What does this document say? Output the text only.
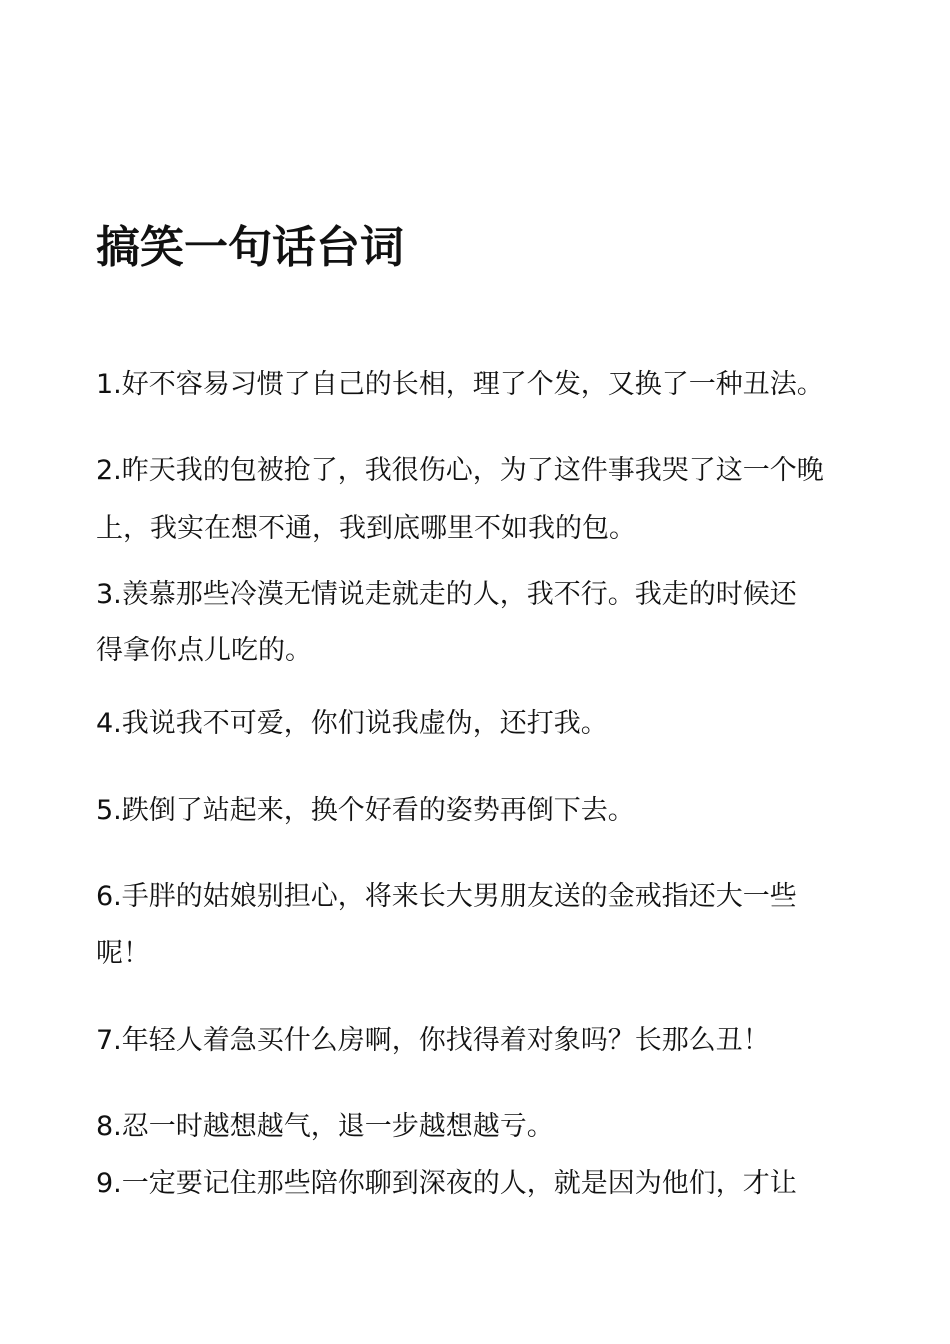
搞笑一句话台词
1.好不容易习惯了自己的长相，理了个发，又换了一种丑法。
2.昨天我的包被抢了，我很伤心，为了这件事我哭了这一个晚
上，我实在想不通，我到底哪里不如我的包。
3.羡慕那些冷漠无情说走就走的人，我不行。我走的时候还
得拿你点儿吃的。
4.我说我不可爱，你们说我虚伪，还打我。
5.跌倒了站起来，换个好看的姿势再倒下去。
6.手胖的姑娘别担心，将来长大男朋友送的金戒指还大一些
呢！
7.年轻人着急买什么房啊，你找得着对象吗？长那么丑！
8.忍一时越想越气，退一步越想越亏。
9.一定要记住那些陪你聊到深夜的人，就是因为他们，才让
